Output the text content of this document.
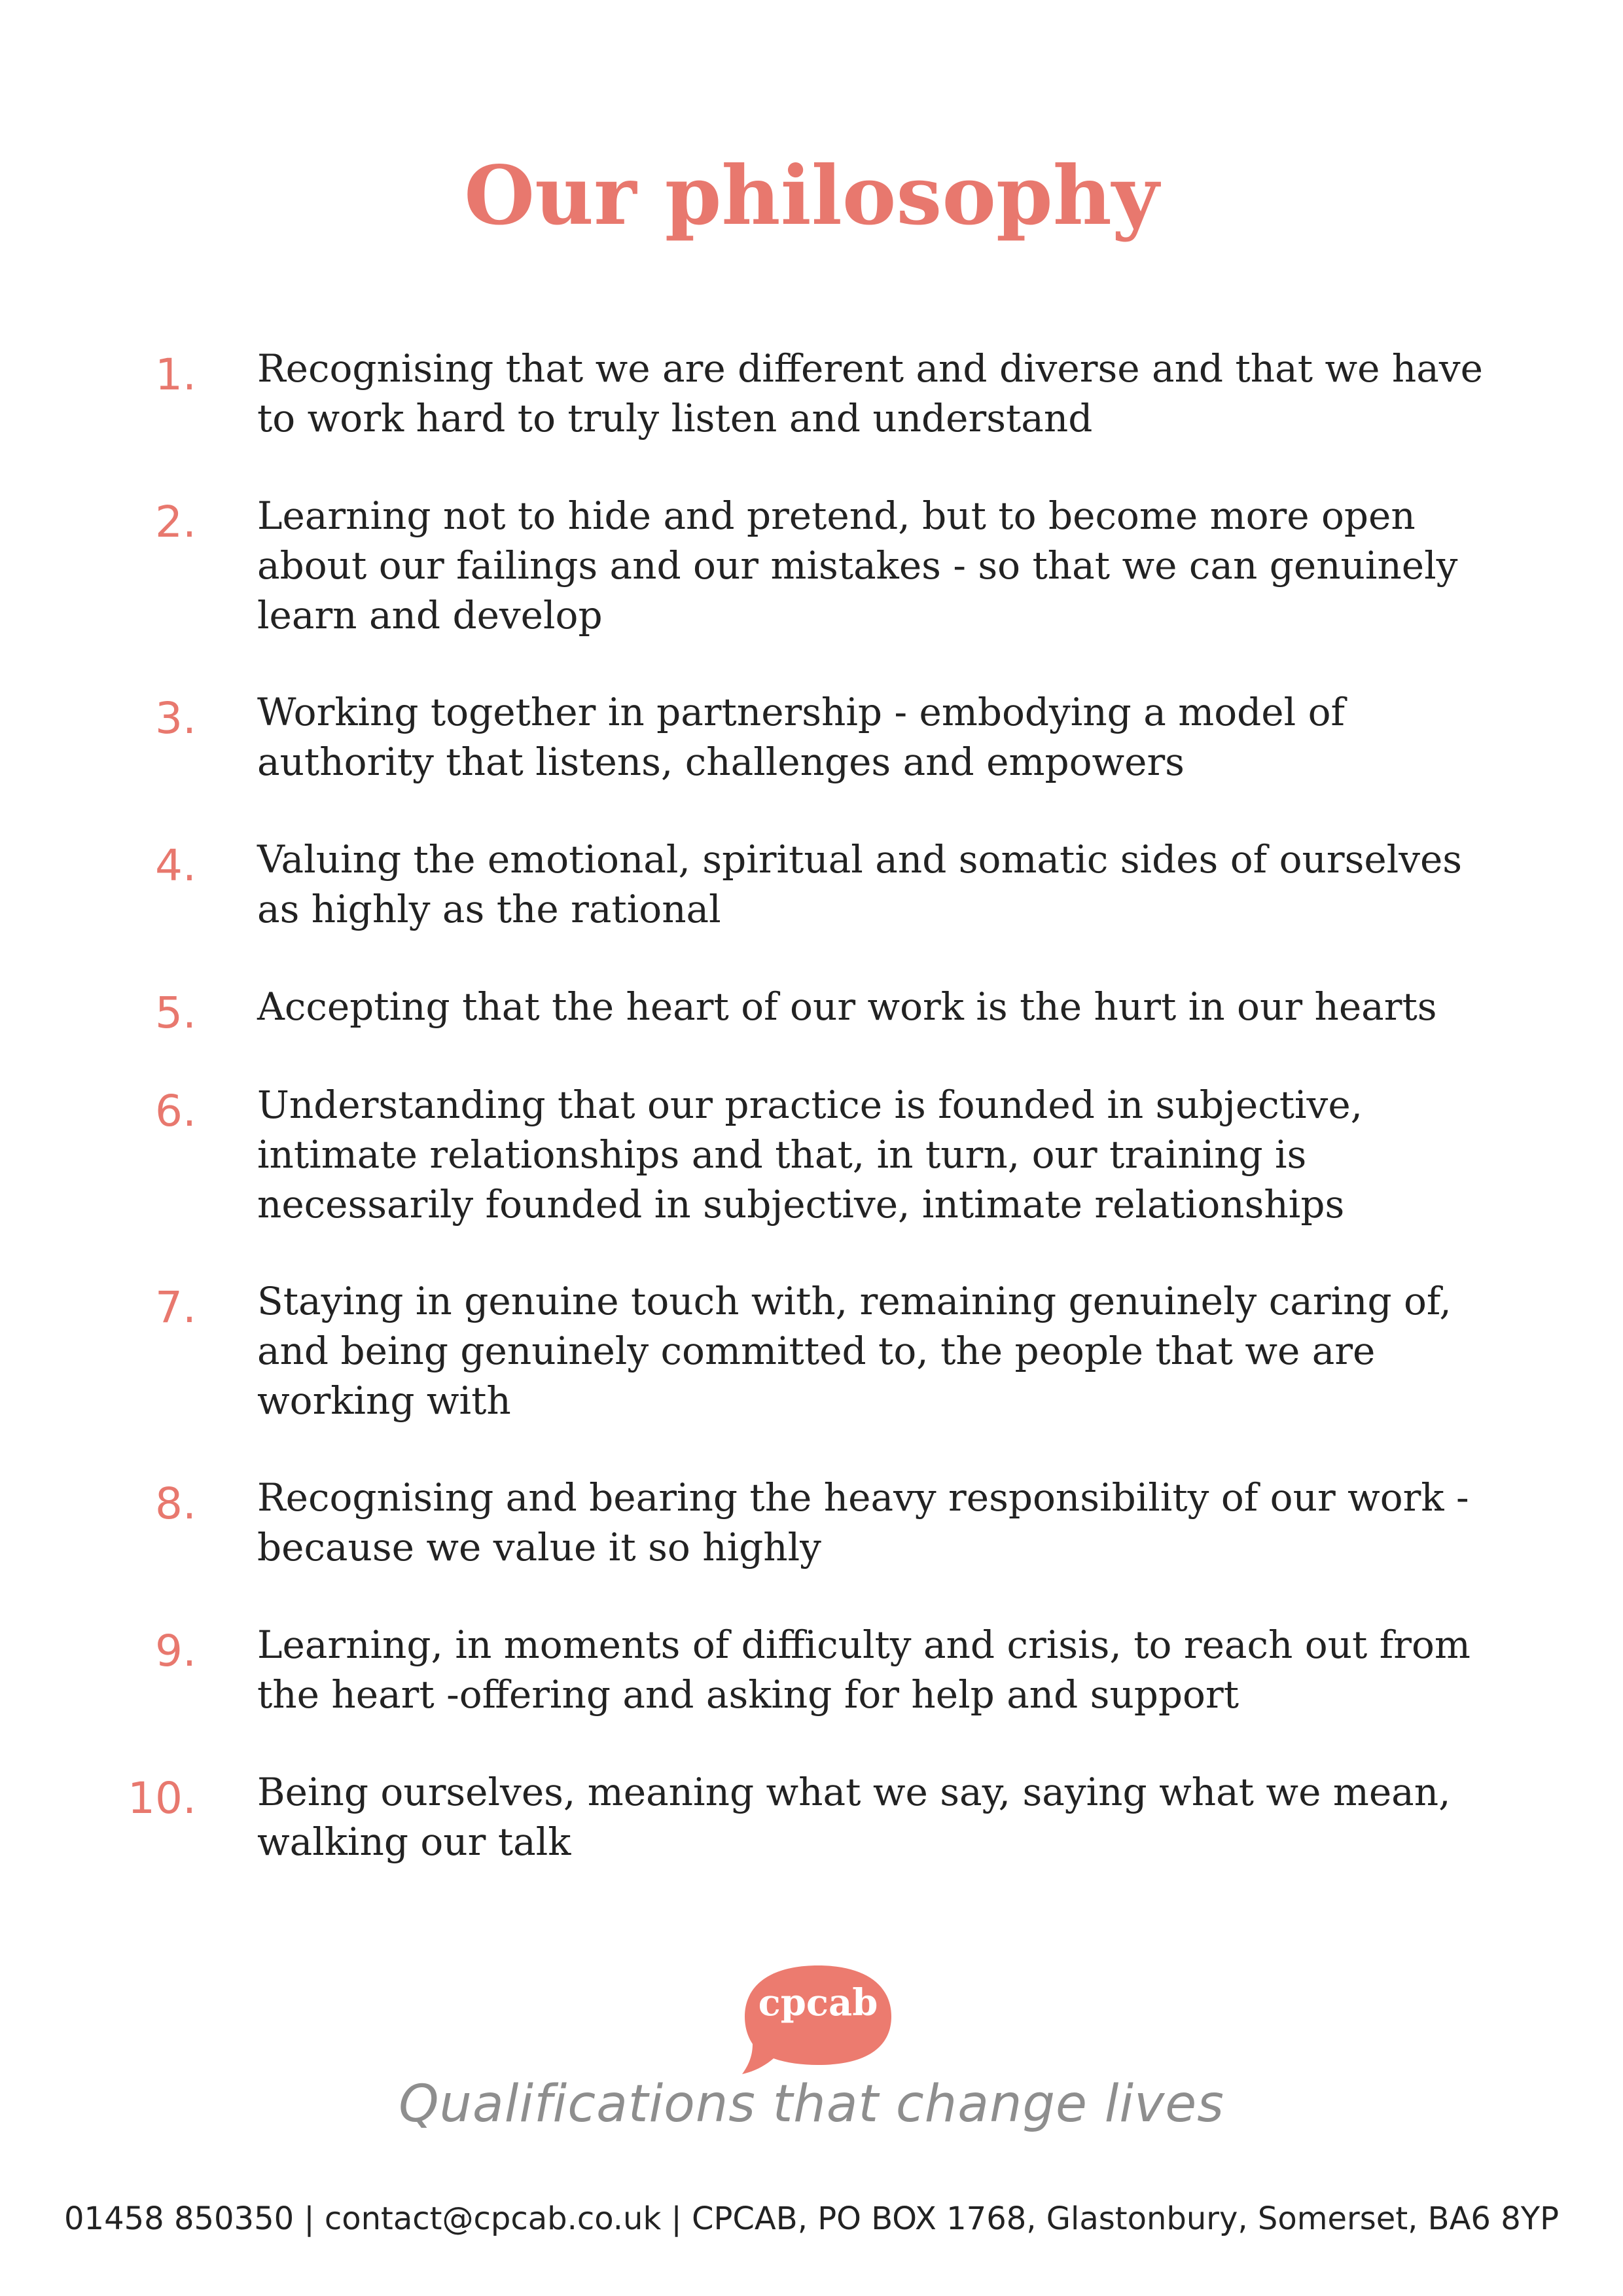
Our philosophy
1. Recognising that we are different and diverse and that we have
to work hard to truly listen and understand
2. Learning not to hide and pretend, but to become more open
about our failings and our mistakes - so that we can genuinely
learn and develop
3. Working together in partnership - embodying a model of
authority that listens, challenges and empowers
4. Valuing the emotional, spiritual and somatic sides of ourselves
as highly as the rational
5. Accepting that the heart of our work is the hurt in our hearts
6. Understanding that our practice is founded in subjective,
intimate relationships and that, in turn, our training is
necessarily founded in subjective, intimate relationships
7. Staying in genuine touch with, remaining genuinely caring of,
and being genuinely committed to, the people that we are
working with
8. Recognising and bearing the heavy responsibility of our work -
because we value it so highly
9. Learning, in moments of difficulty and crisis, to reach out from
the heart -offering and asking for help and support
10. Being ourselves, meaning what we say, saying what we mean,
walking our talk
cpcab
Qualifications that change lives
01458 850350 | contact@cpcab.co.uk | CPCAB, PO BOX 1768, Glastonbury, Somerset, BA6 8YP
